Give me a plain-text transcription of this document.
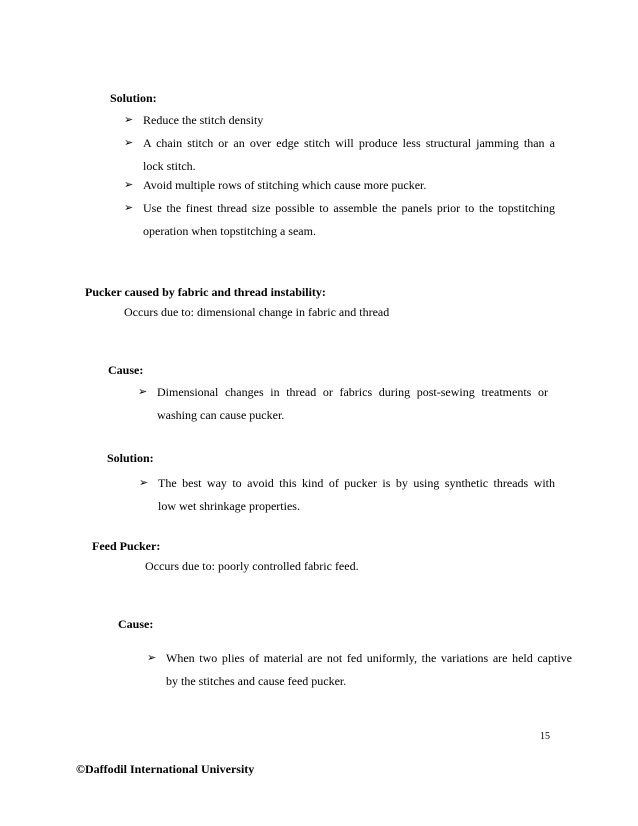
Solution:
➢ Reduce the stitch density
➢ A chain stitch or an over edge stitch will produce less structural jamming than a
lock stitch.
➢ Avoid multiple rows of stitching which cause more pucker.
➢ Use the finest thread size possible to assemble the panels prior to the topstitching
operation when topstitching a seam.
Pucker caused by fabric and thread instability:
Occurs due to: dimensional change in fabric and thread
Cause:
➢ Dimensional changes in thread or fabrics during post-sewing treatments or
washing can cause pucker.
Solution:
➢ The best way to avoid this kind of pucker is by using synthetic threads with
low wet shrinkage properties.
Feed Pucker:
Occurs due to: poorly controlled fabric feed.
Cause:
➢ When two plies of material are not fed uniformly, the variations are held captive
by the stitches and cause feed pucker.
15
©Daffodil International University
